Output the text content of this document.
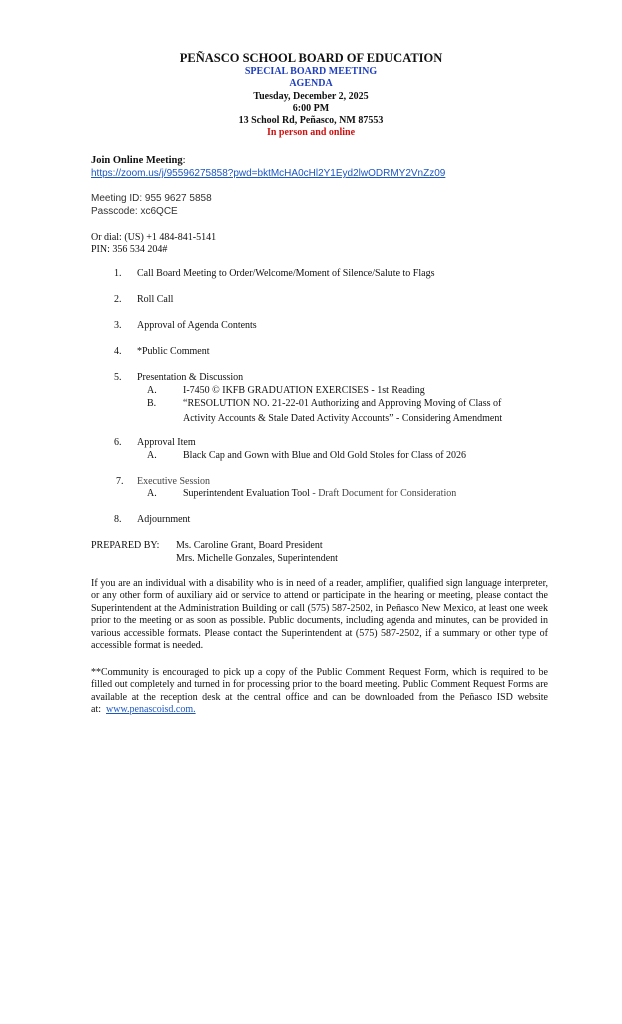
PEÑASCO SCHOOL BOARD OF EDUCATION
SPECIAL BOARD MEETING
AGENDA
Tuesday, December 2, 2025
6:00 PM
13 School Rd, Peñasco, NM 87553
In person and online
Join Online Meeting:
https://zoom.us/j/95596275858?pwd=bktMcHA0cHl2Y1Eyd2lwODRMY2VnZz09
Meeting ID: 955 9627 5858
Passcode: xc6QCE
Or dial: (US) +1 484-841-5141
PIN: 356 534 204#
1. Call Board Meeting to Order/Welcome/Moment of Silence/Salute to Flags
2. Roll Call
3. Approval of Agenda Contents
4. *Public Comment
5. Presentation & Discussion
A.	I-7450 © IKFB GRADUATION EXERCISES - 1st Reading
B.	“RESOLUTION NO. 21-22-01 Authorizing and Approving Moving of Class of
Activity Accounts & Stale Dated Activity Accounts” - Considering Amendment
6. Approval Item
A.	Black Cap and Gown with Blue and Old Gold Stoles for Class of 2026
7. Executive Session
A.	Superintendent Evaluation Tool - Draft Document for Consideration
8. Adjournment
PREPARED BY: Ms. Caroline Grant, Board President
Mrs. Michelle Gonzales, Superintendent
If you are an individual with a disability who is in need of a reader, amplifier, qualified sign language interpreter, or any other form of auxiliary aid or service to attend or participate in the hearing or meeting, please contact the Superintendent at the Administration Building or call (575) 587-2502, in Peñasco New Mexico, at least one week prior to the meeting or as soon as possible. Public documents, including agenda and minutes, can be provided in various accessible formats. Please contact the Superintendent at (575) 587-2502, if a summary or other type of accessible format is needed.
**Community is encouraged to pick up a copy of the Public Comment Request Form, which is required to be filled out completely and turned in for processing prior to the board meeting. Public Comment Request Forms are available at the reception desk at the central office and can be downloaded from the Peñasco ISD website at: www.penascoisd.com.
